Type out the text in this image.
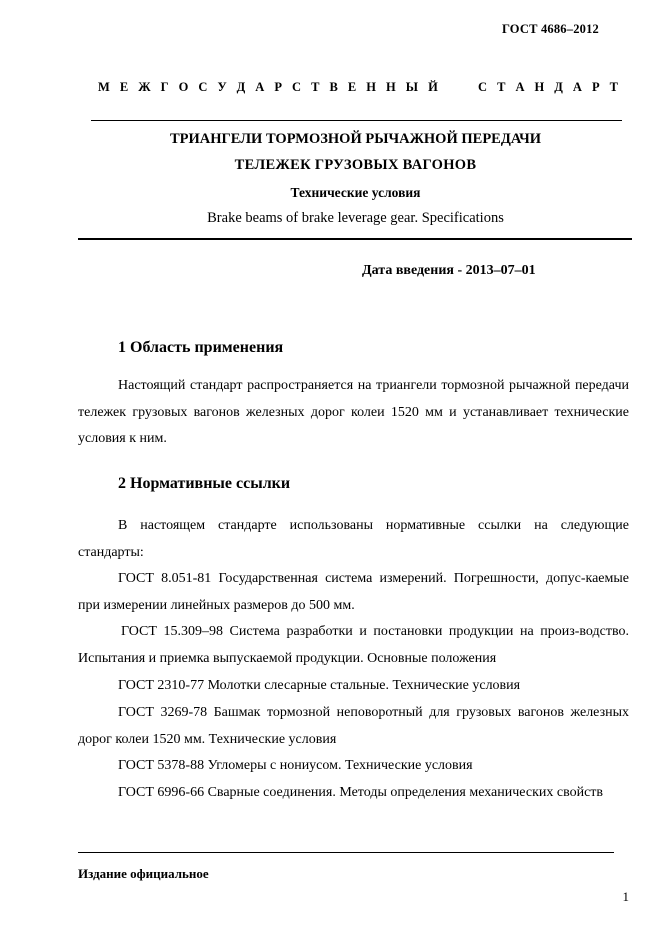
ГОСТ 4686–2012
М Е Ж Г О С У Д А Р С Т В Е Н Н Ы Й	С Т А Н Д А Р Т
ТРИАНГЕЛИ ТОРМОЗНОЙ РЫЧАЖНОЙ ПЕРЕДАЧИ
ТЕЛЕЖЕК ГРУЗОВЫХ ВАГОНОВ
Технические условия
Brake beams of brake leverage gear. Specifications
Дата введения - 2013–07–01
1 Область применения

Настоящий стандарт распространяется на триангели тормозной рычажной передачи тележек грузовых вагонов железных дорог колеи 1520 мм и устанавливает технические условия к ним.

2 Нормативные ссылки

В настоящем стандарте использованы нормативные ссылки на следующие стандарты:

ГОСТ 8.051-81 Государственная система измерений. Погрешности, допус-каемые при измерении линейных размеров до 500 мм.

ГОСТ 15.309–98 Система разработки и постановки продукции на произ-водство. Испытания и приемка выпускаемой продукции. Основные положения

ГОСТ 2310-77 Молотки слесарные стальные. Технические условия

ГОСТ 3269-78 Башмак тормозной неповоротный для грузовых вагонов железных дорог колеи 1520 мм. Технические условия

ГОСТ 5378-88 Угломеры с нониусом. Технические условия

ГОСТ 6996-66 Сварные соединения. Методы определения механических свойств

Издание официальное
1
